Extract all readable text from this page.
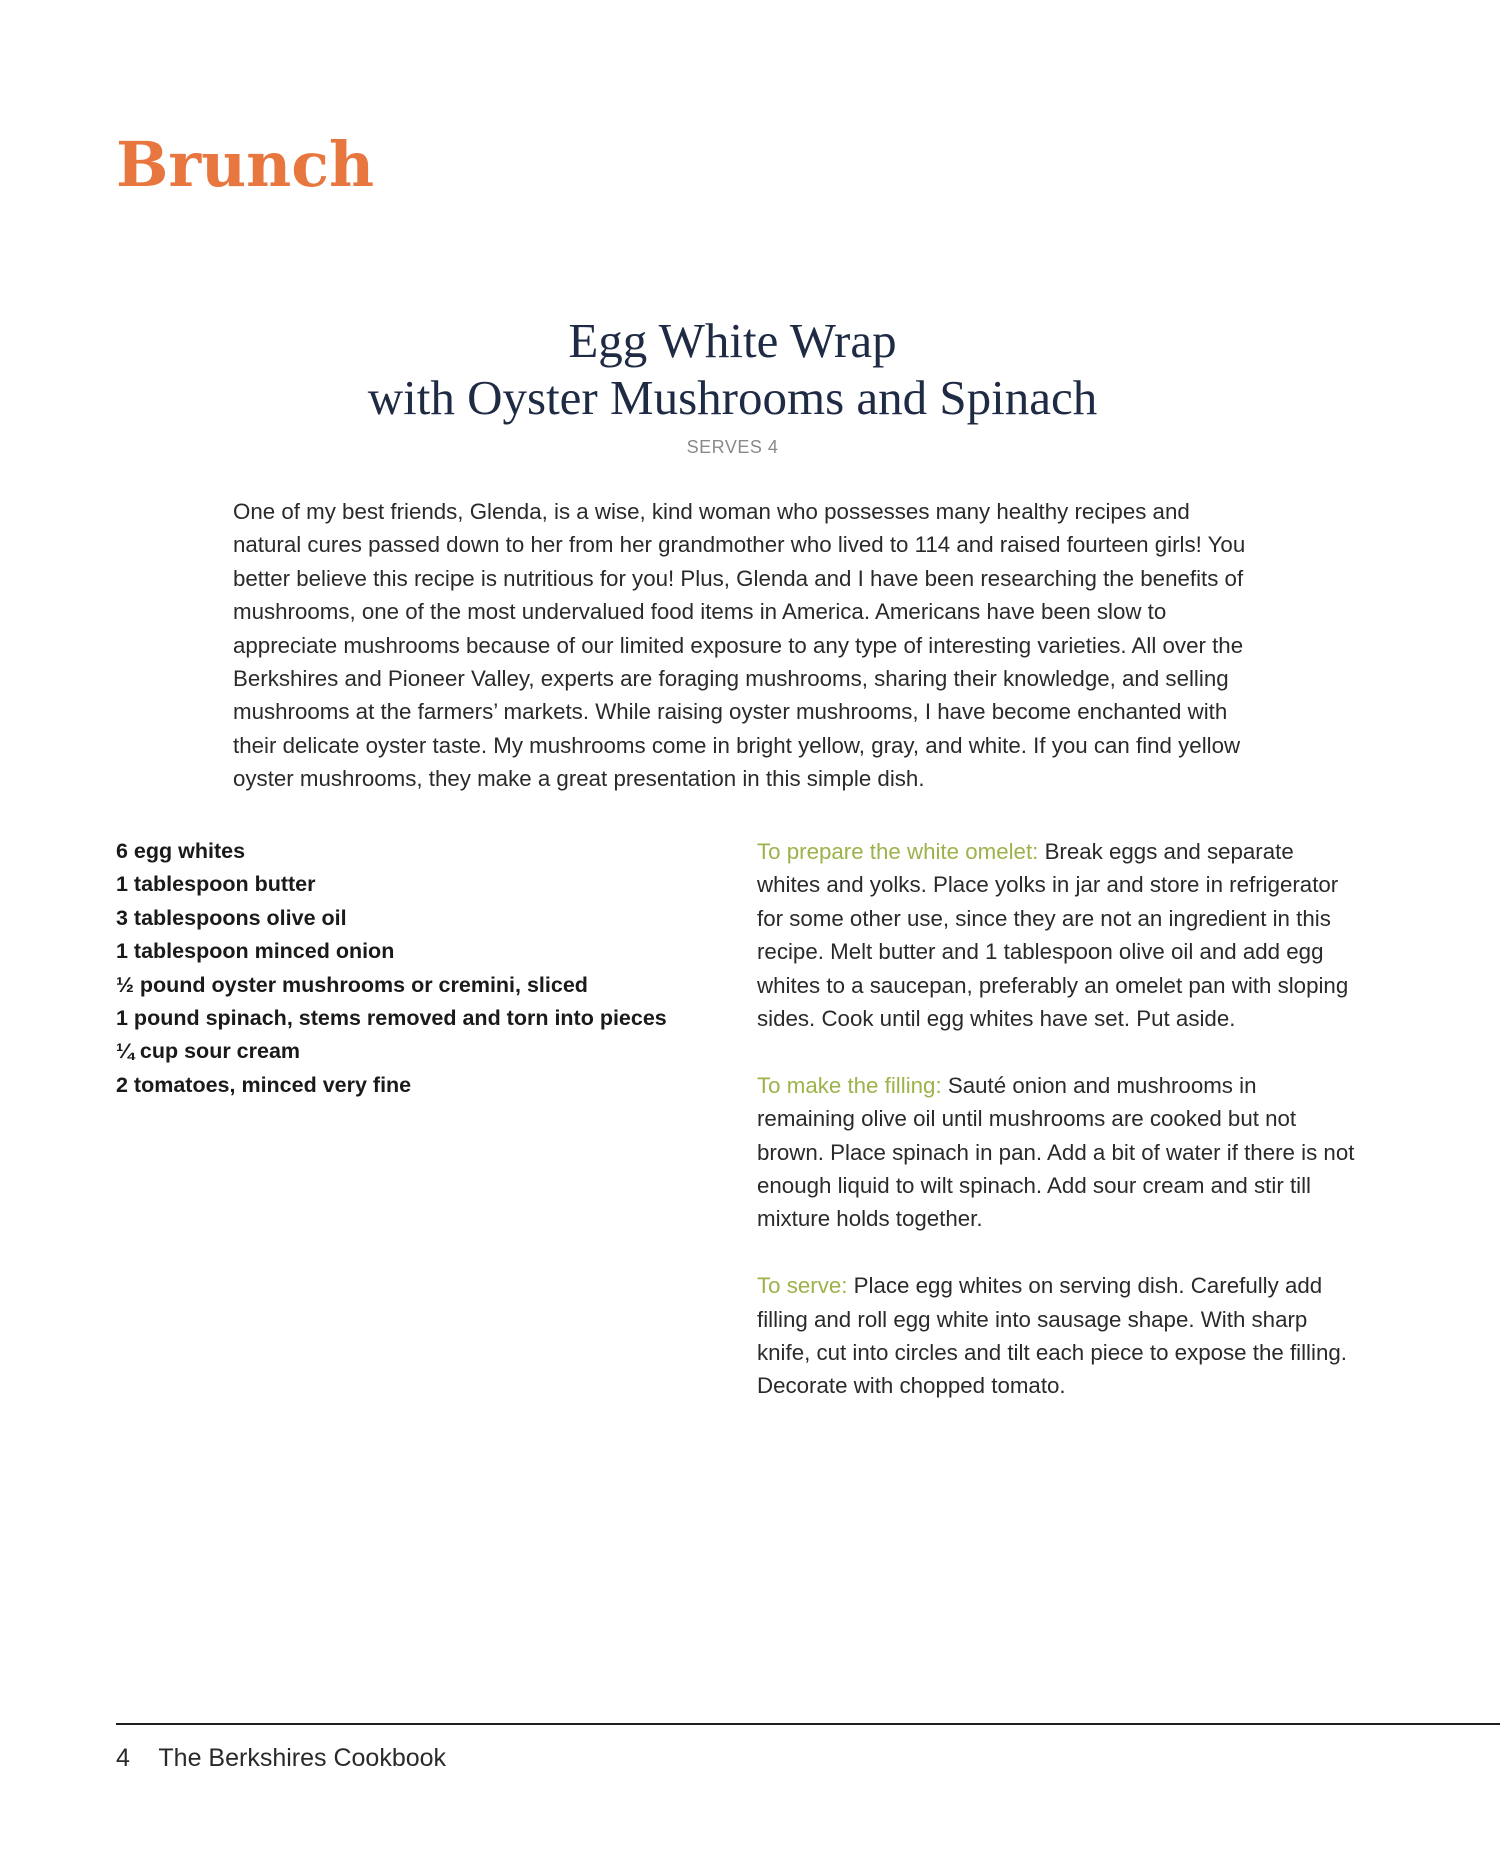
Brunch
Egg White Wrap
with Oyster Mushrooms and Spinach
SERVES 4

One of my best friends, Glenda, is a wise, kind woman who possesses many healthy recipes and natural cures passed down to her from her grandmother who lived to 114 and raised fourteen girls! You better believe this recipe is nutritious for you! Plus, Glenda and I have been researching the benefits of mushrooms, one of the most undervalued food items in America. Americans have been slow to appreciate mushrooms because of our limited exposure to any type of interesting varieties. All over the Berkshires and Pioneer Valley, experts are foraging mushrooms, sharing their knowledge, and selling mushrooms at the farmers’ markets. While raising oyster mushrooms, I have become enchanted with their delicate oyster taste. My mushrooms come in bright yellow, gray, and white. If you can find yellow oyster mushrooms, they make a great presentation in this simple dish.

6 egg whites
1 tablespoon butter
3 tablespoons olive oil
1 tablespoon minced onion
½ pound oyster mushrooms or cremini, sliced
1 pound spinach, stems removed and torn into pieces
¼ cup sour cream
2 tomatoes, minced very fine

To prepare the white omelet: Break eggs and separate whites and yolks. Place yolks in jar and store in refrigerator for some other use, since they are not an ingredient in this recipe. Melt butter and 1 tablespoon olive oil and add egg whites to a saucepan, preferably an omelet pan with sloping sides. Cook until egg whites have set. Put aside.

To make the filling: Sauté onion and mushrooms in remaining olive oil until mushrooms are cooked but not brown. Place spinach in pan. Add a bit of water if there is not enough liquid to wilt spinach. Add sour cream and stir till mixture holds together.

To serve: Place egg whites on serving dish. Carefully add filling and roll egg white into sausage shape. With sharp knife, cut into circles and tilt each piece to expose the filling. Decorate with chopped tomato.

4 The Berkshires Cookbook
